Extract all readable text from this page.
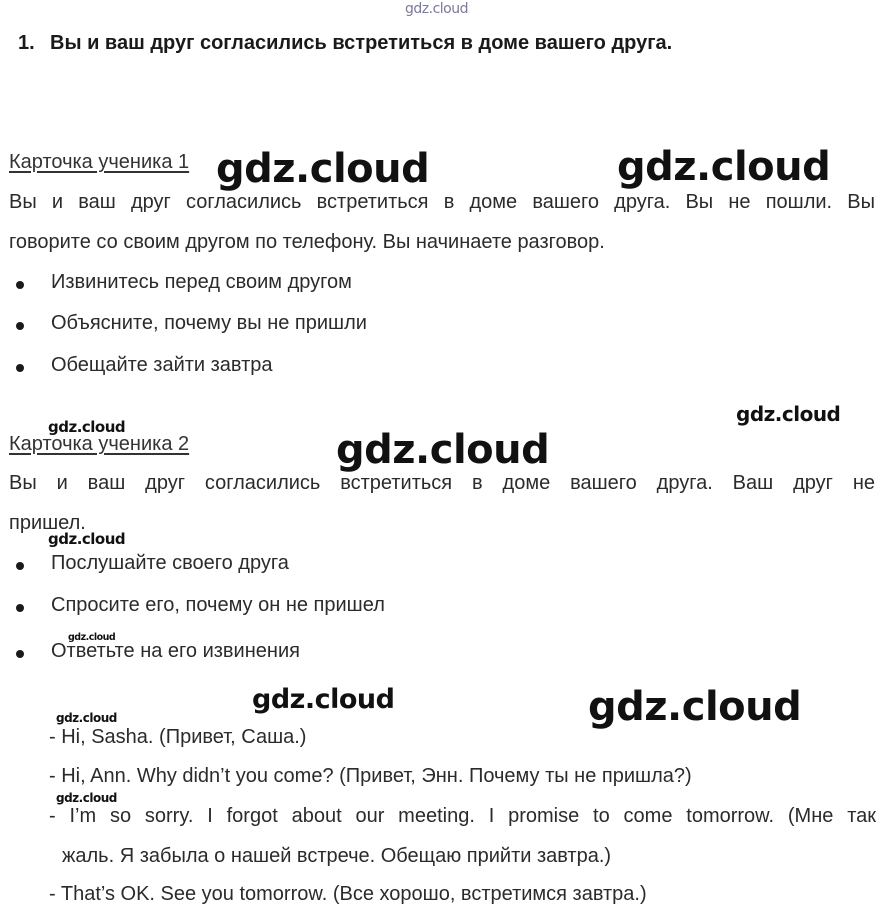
gdz.cloud
1. Вы и ваш друг согласились встретиться в доме вашего друга.
Карточка ученика 1 gdz.cloud	gdz.cloud
Вы и ваш друг согласились встретиться в доме вашего друга. Вы не пошли. Вы
говорите со своим другом по телефону. Вы начинаете разговор.
Извинитесь перед своим другом
Объясните, почему вы не пришли
Обещайте зайти завтра
gdz.cloud
gdz.cloud
Карточка ученика 2	gdz.cloud
Вы и ваш друг согласились встретиться в доме вашего друга. Ваш друг не
пришел.
gdz.cloud
Послушайте своего друга
Спросите его, почему он не пришел
gdz.cloud
Ответьте на его извинения
gdz.cloud	gdz.cloud
gdz.cloud
- Hi, Sasha. (Привет, Саша.)
- Hi, Ann. Why didn’t you come? (Привет, Энн. Почему ты не пришла?)
gdz.cloud
- I’m so sorry. I forgot about our meeting. I promise to come tomorrow. (Мне так
жаль. Я забыла о нашей встрече. Обещаю прийти завтра.)
- That’s OK. See you tomorrow. (Все хорошо, встретимся завтра.)
